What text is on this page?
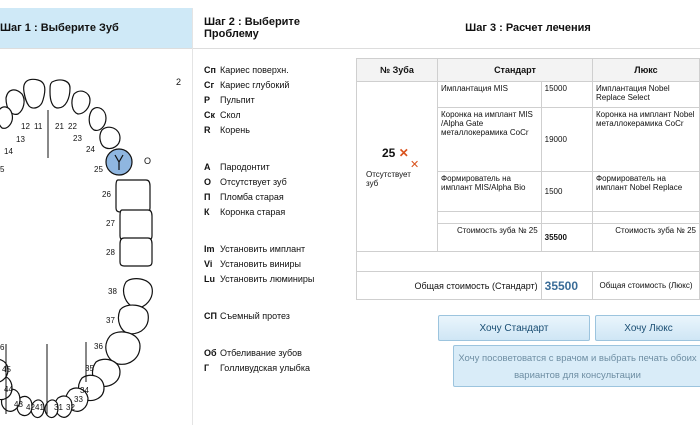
Шаг 1 : Выберите Зуб	Шаг 2 : Выберите Проблему	Шаг 3 : Расчет лечения
12 11
13
14
5
21 22
23
24
25
26
27
28
38
37
36
35
34
33
32
31
41
42
43
44
45
6
О
2
Сп Кариес поверхн.
Сг Кариес глубокий
Р Пульпит
Ск Скол
R Корень
А Пародонтит
О Отсутствует зуб
П Пломба старая
К Коронка старая
Im Установить имплант
Vi Установить виниры
Lu Установить люминиры
СП Съемный протез
Об Отбеливание зубов
Г Голливудская улыбка
№ Зуба	Стандарт		Люкс

25 ✕
✕
Отсутствует зуб	Имплантация MIS	15000	Имплантация Nobel Replace Select
	Коронка на имплант MIS /Alpha Gate металлокерамика CoCr	19000	Коронка на имплант Nobel металлокерамика CoCr
	Формирователь на имплант MIS/Alpha Bio	1500	Формирователь на имплант Nobel Replace

	Стоимость зуба № 25	35500	Стоимость зуба № 25

Общая стоимость (Стандарт)		35500	Общая стоимость (Люкс)
Хочу Стандарт	Хочу Люкс
Хочу посоветоватся с врачом и выбрать печать обоих вариантов для консультации
